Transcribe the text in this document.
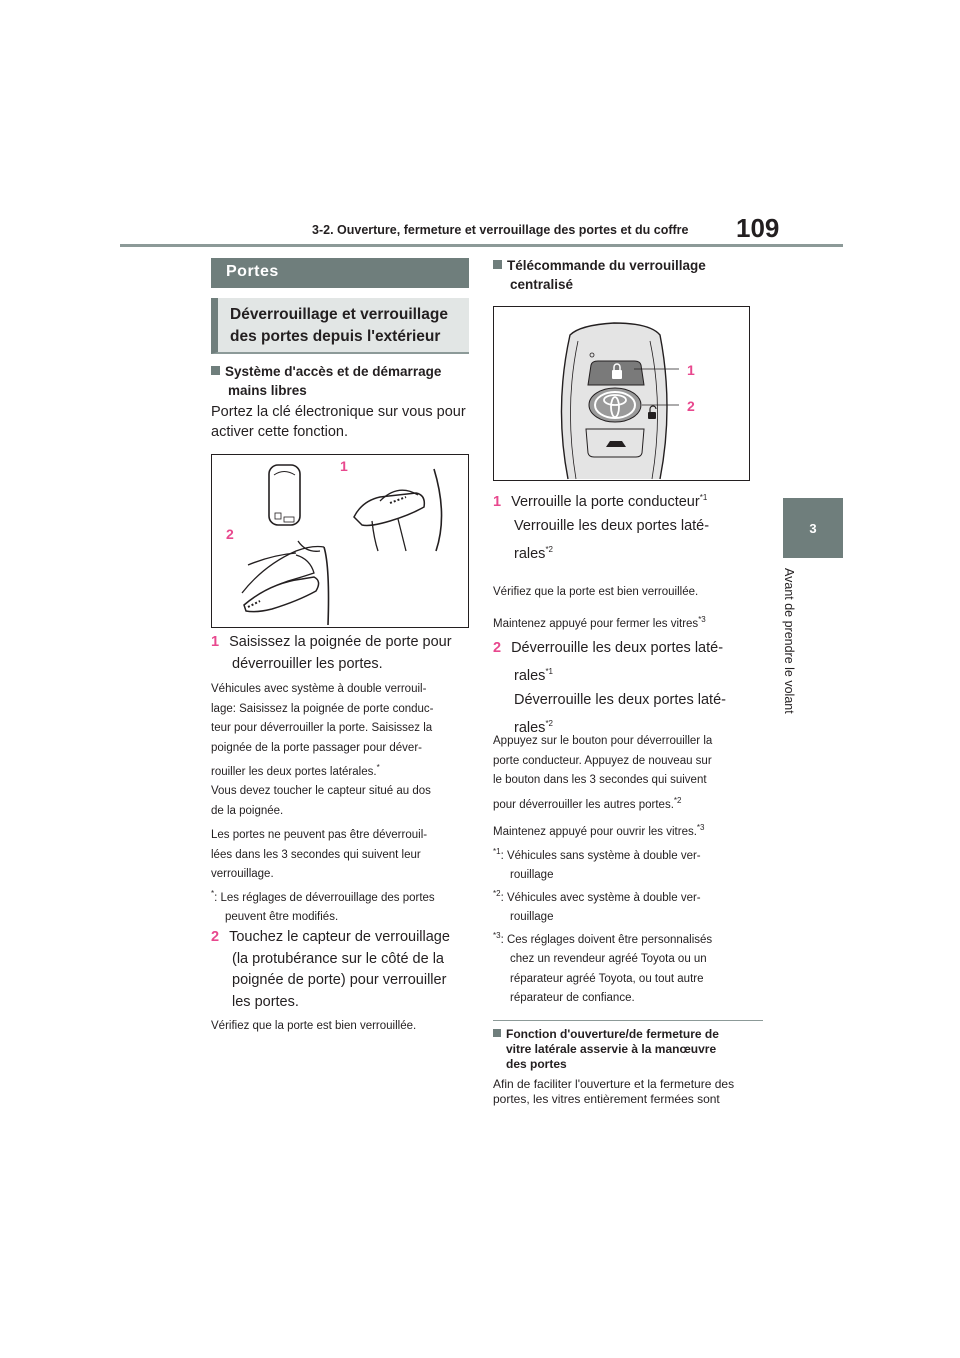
3-2. Ouverture, fermeture et verrouillage des portes et du coffre 109
3
Avant de prendre le volant
Portes
Déverrouillage et verrouillage
des portes depuis l'extérieur
Système d'accès et de démarrage
mains libres
Portez la clé électronique sur vous pour
activer cette fonction.
1
2
1 Saisissez la poignée de porte pour
déverrouiller les portes.
Véhicules avec système à double verrouil-
lage: Saisissez la poignée de porte conduc-
teur pour déverrouiller la porte. Saisissez la
poignée de la porte passager pour déver-
rouiller les deux portes latérales.*
Vous devez toucher le capteur situé au dos
de la poignée.
Les portes ne peuvent pas être déverrouil-
lées dans les 3 secondes qui suivent leur
verrouillage.
*: Les réglages de déverrouillage des portes
peuvent être modifiés.
2 Touchez le capteur de verrouillage
(la protubérance sur le côté de la
poignée de porte) pour verrouiller
les portes.
Vérifiez que la porte est bien verrouillée.
Télécommande du verrouillage
centralisé
1
2
1 Verrouille la porte conducteur$^{*1}$
Verrouille les deux portes laté-
rales$^{*2}$
Vérifiez que la porte est bien verrouillée.
Maintenez appuyé pour fermer les vitres$^{*3}$
2 Déverrouille les deux portes laté-
rales$^{*1}$
Déverrouille les deux portes laté-
rales$^{*2}$
Appuyez sur le bouton pour déverrouiller la
porte conducteur. Appuyez de nouveau sur
le bouton dans les 3 secondes qui suivent
pour déverrouiller les autres portes.$^{*2}$
Maintenez appuyé pour ouvrir les vitres.$^{*3}$
$^{*1}$: Véhicules sans système à double ver-
rouillage
$^{*2}$: Véhicules avec système à double ver-
rouillage
$^{*3}$: Ces réglages doivent être personnalisés
chez un revendeur agréé Toyota ou un
réparateur agréé Toyota, ou tout autre
réparateur de confiance.
Fonction d'ouverture/de fermeture de
vitre latérale asservie à la manœuvre
des portes
Afin de faciliter l'ouverture et la fermeture des
portes, les vitres entièrement fermées sont
